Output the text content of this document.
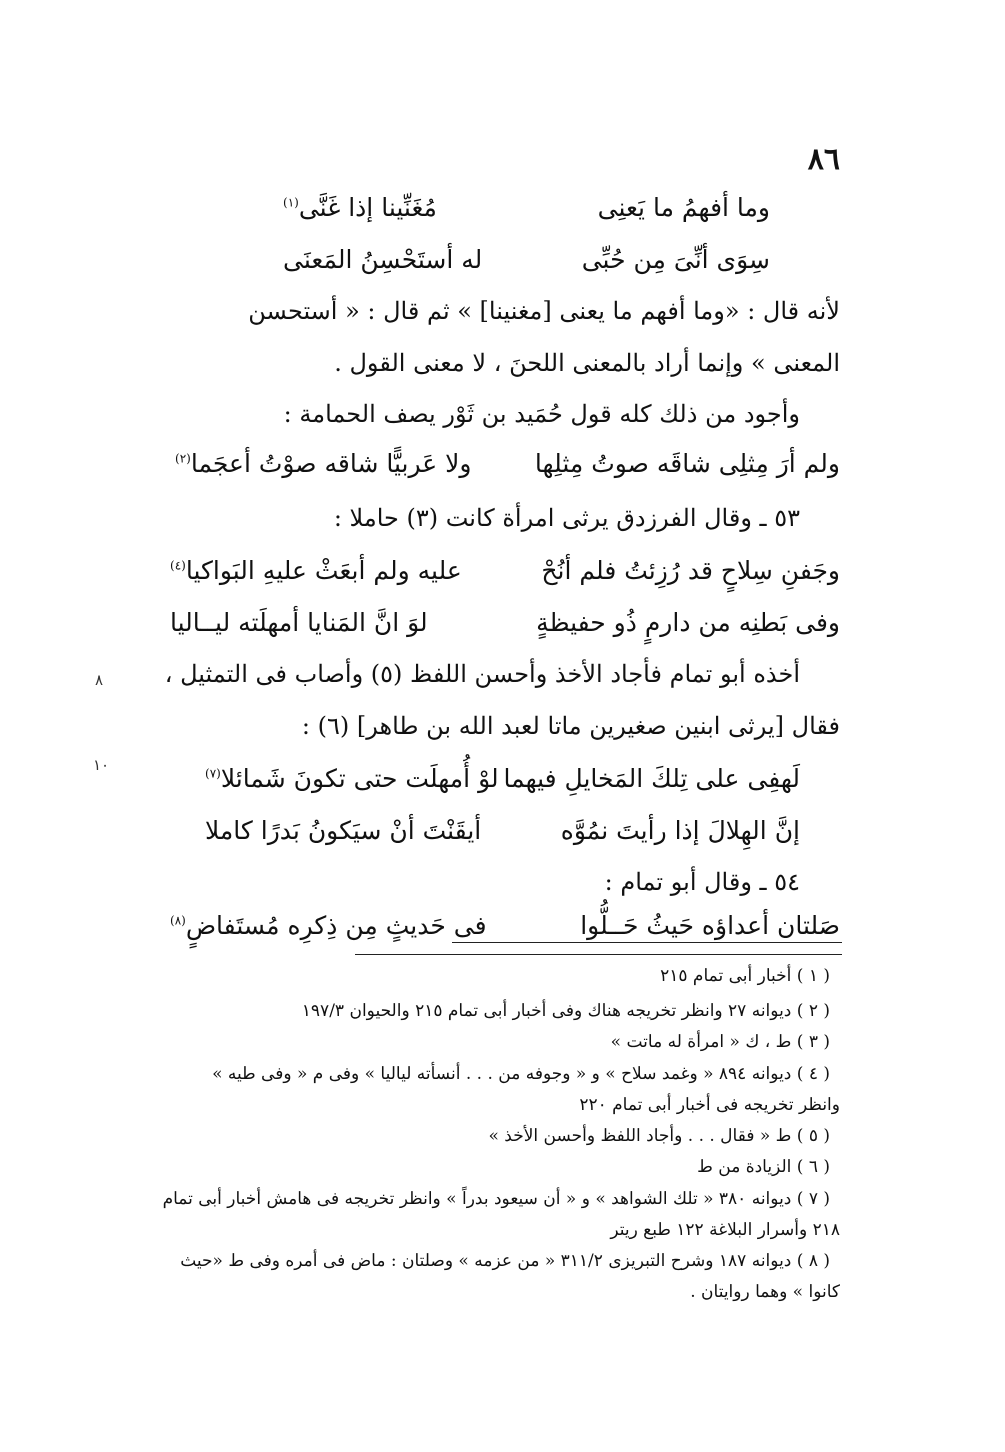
٨٦
وما أفهمُ ما يَعنِى
مُغَنِّينا إذا غَنَّى$^{(١)}$
سِوَى أنِّىَ مِن حُبِّى
له أستَحْسِنُ المَعنَى
لأنه قال : «وما أفهم ما يعنى [مغنينا] » ثم قال : « أستحسن
المعنى » وإنما أراد بالمعنى اللحنَ ، لا معنى القول .
وأجود من ذلك كله قول حُمَيد بن ثَوْر يصف الحمامة :
ولم أرَ مِثلِى شاقَه صوتُ مِثلِها
ولا عَربيًّا شاقه صوْتُ أعجَما$^{(٢)}$
٥٣ ـ وقال الفرزدق يرثى امرأة كانت (٣) حاملا :
وجَفنِ سِلاحٍ قد رُزِئتُ فلم أنُحْ
عليه ولم أبعَثْ عليهِ البَواكيا$^{(٤)}$
وفى بَطنِه من دارمٍ ذُو حفيظةٍ
لوَ انَّ المَنايا أمهلَته ليــاليا
أخذه أبو تمام فأجاد الأخذ وأحسن اللفظ (٥) وأصاب فى التمثيل ،
فقال [يرثى ابنين صغيرين ماتا لعبد الله بن طاهر] (٦) :
لَهفِى على تِلكَ المَخايلِ فيهما
لوْ أُمهلَت حتى تكونَ شَمائلا$^{(٧)}$
إنَّ الهِلالَ إذا رأيتَ نمُوَّه
أيقَنْتَ أنْ سيَكونُ بَدرًا كاملا
٥٤ ـ وقال أبو تمام :
صَلتان أعداؤه حَيثُ حَــلُّوا
فى حَديثٍ مِن ذِكرِه مُستَفاضٍ$^{(٨)}$
( ١ ) أخبار أبى تمام ٢١٥
( ٢ ) ديوانه ٢٧ وانظر تخريجه هناك وفى أخبار أبى تمام ٢١٥ والحيوان ١٩٧/٣
( ٣ ) ط ، ك « امرأة له ماتت »
( ٤ ) ديوانه ٨٩٤ « وغمد سلاح » و « وجوفه من . . . أنسأته لياليا » وفى م « وفى طيه »
وانظر تخريجه فى أخبار أبى تمام ٢٢٠
( ٥ ) ط « فقال . . . وأجاد اللفظ وأحسن الأخذ »
( ٦ ) الزيادة من ط
( ٧ ) ديوانه ٣٨٠ « تلك الشواهد » و « أن سيعود بدراً » وانظر تخريجه فى هامش أخبار أبى تمام
٢١٨ وأسرار البلاغة ١٢٢ طبع ريتر
( ٨ ) ديوانه ١٨٧ وشرح التبريزى ٣١١/٢ « من عزمه » وصلتان : ماض فى أمره وفى ط «حيث
كانوا » وهما روايتان .
٨
١٠
